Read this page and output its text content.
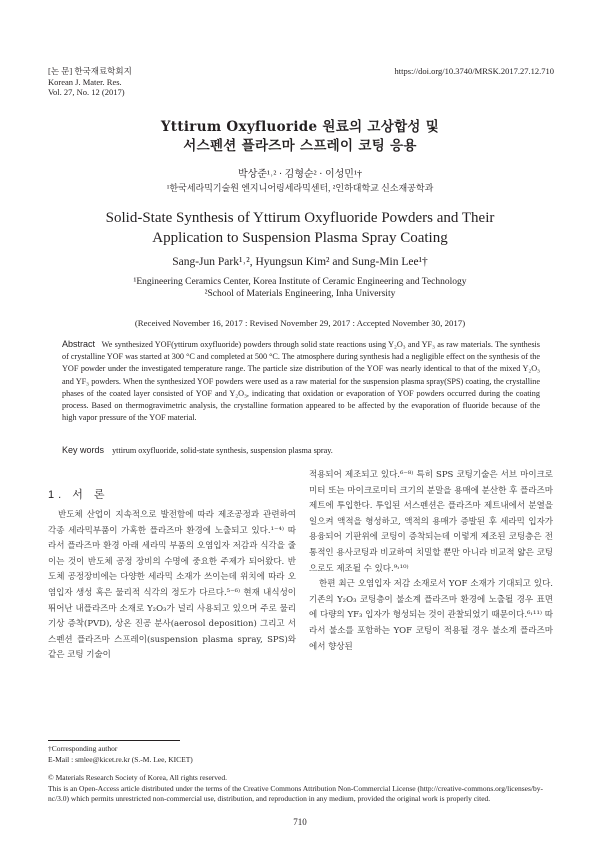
[논 문] 한국재료학회지
Korean J. Mater. Res.
Vol. 27, No. 12 (2017)
https://doi.org/10.3740/MRSK.2017.27.12.710
Yttirum Oxyfluoride 원료의 고상합성 및
서스펜션 플라즈마 스프레이 코팅 응용
박상준¹˒² · 김형순² · 이성민¹†
¹한국세라믹기술원 엔지니어링세라믹센터, ²인하대학교 신소재공학과
Solid-State Synthesis of Yttirum Oxyfluoride Powders and Their
Application to Suspension Plasma Spray Coating
Sang-Jun Park¹˒², Hyungsun Kim² and Sung-Min Lee¹†
¹Engineering Ceramics Center, Korea Institute of Ceramic Engineering and Technology
²School of Materials Engineering, Inha University
(Received November 16, 2017 : Revised November 29, 2017 : Accepted November 30, 2017)
Abstract We synthesized YOF(yttirum oxyfluoride) powders through solid state reactions using Y₂O₃ and YF₃ as raw materials. The synthesis of crystalline YOF was started at 300 °C and completed at 500 °C. The atmosphere during synthesis had a negligible effect on the synthesis of the YOF powder under the investigated temperature range. The particle size distribution of the YOF was nearly identical to that of the mixed Y₂O₃ and YF₃ powders. When the synthesized YOF powders were used as a raw material for the suspension plasma spray(SPS) coating, the crystalline phases of the coated layer consisted of YOF and Y₂O₃, indicating that oxidation or evaporation of YOF powders occurred during the coating process. Based on thermogravimetric analysis, the crystalline formation appeared to be affected by the evaporation of fluoride because of the high vapor pressure of the YOF material.
Key words yttirum oxyfluoride, solid-state synthesis, suspension plasma spray.
1. 서 론

반도체 산업이 지속적으로 발전함에 따라 제조공정과 관련하여 각종 세라믹부품이 가혹한 플라즈마 환경에 노출되고 있다.¹⁻⁴⁾ 따라서 플라즈마 환경 아래 세라믹 부품의 오염입자 저감과 식각을 줄이는 것이 반도체 공정 장비의 수명에 중요한 주제가 되어왔다. 반도체 공정장비에는 다양한 세라믹 소재가 쓰이는데 위치에 따라 오염입자 생성 혹은 물리적 식각의 정도가 다르다.⁵⁻⁶⁾ 현재 내식성이 뛰어난 내플라즈마 소재로 Y₂O₃가 널리 사용되고 있으며 주로 물리 기상 증착(PVD), 상온 진공 분사(aerosol deposition) 그리고 서스펜션 플라즈마 스프레이(suspension plasma spray, SPS)와 같은 코팅 기술이

적용되어 제조되고 있다.⁶⁻⁸⁾ 특히 SPS 코팅기술은 서브 마이크로미터 또는 마이크로미터 크기의 분말을 용매에 분산한 후 플라즈마 제트에 투입한다. 투입된 서스펜션은 플라즈마 제트내에서 분열을 일으켜 액적을 형성하고, 액적의 용매가 증발된 후 세라믹 입자가 용융되어 기판위에 코팅이 증착되는데 이렇게 제조된 코팅층은 전통적인 용사코팅과 비교하여 치밀할 뿐만 아니라 비교적 얇은 코팅으로도 제조될 수 있다.⁹˒¹⁰⁾

한편 최근 오염입자 저감 소재로서 YOF 소재가 기대되고 있다. 기존의 Y₂O₃ 코팅층이 불소계 플라즈마 환경에 노출될 경우 표면에 다량의 YF₃ 입자가 형성되는 것이 관찰되었기 때문이다.⁶˒¹¹⁾ 따라서 불소를 포함하는 YOF 코팅이 적용될 경우 불소계 플라즈마에서 향상된

†Corresponding author
E-Mail : smlee@kicet.re.kr (S.-M. Lee, KICET)
© Materials Research Society of Korea, All rights reserved.
This is an Open-Access article distributed under the terms of the Creative Commons Attribution Non-Commercial License (http://creative-commons.org/licenses/by-nc/3.0) which permits unrestricted non-commercial use, distribution, and reproduction in any medium, provided the original work is properly cited.
710
